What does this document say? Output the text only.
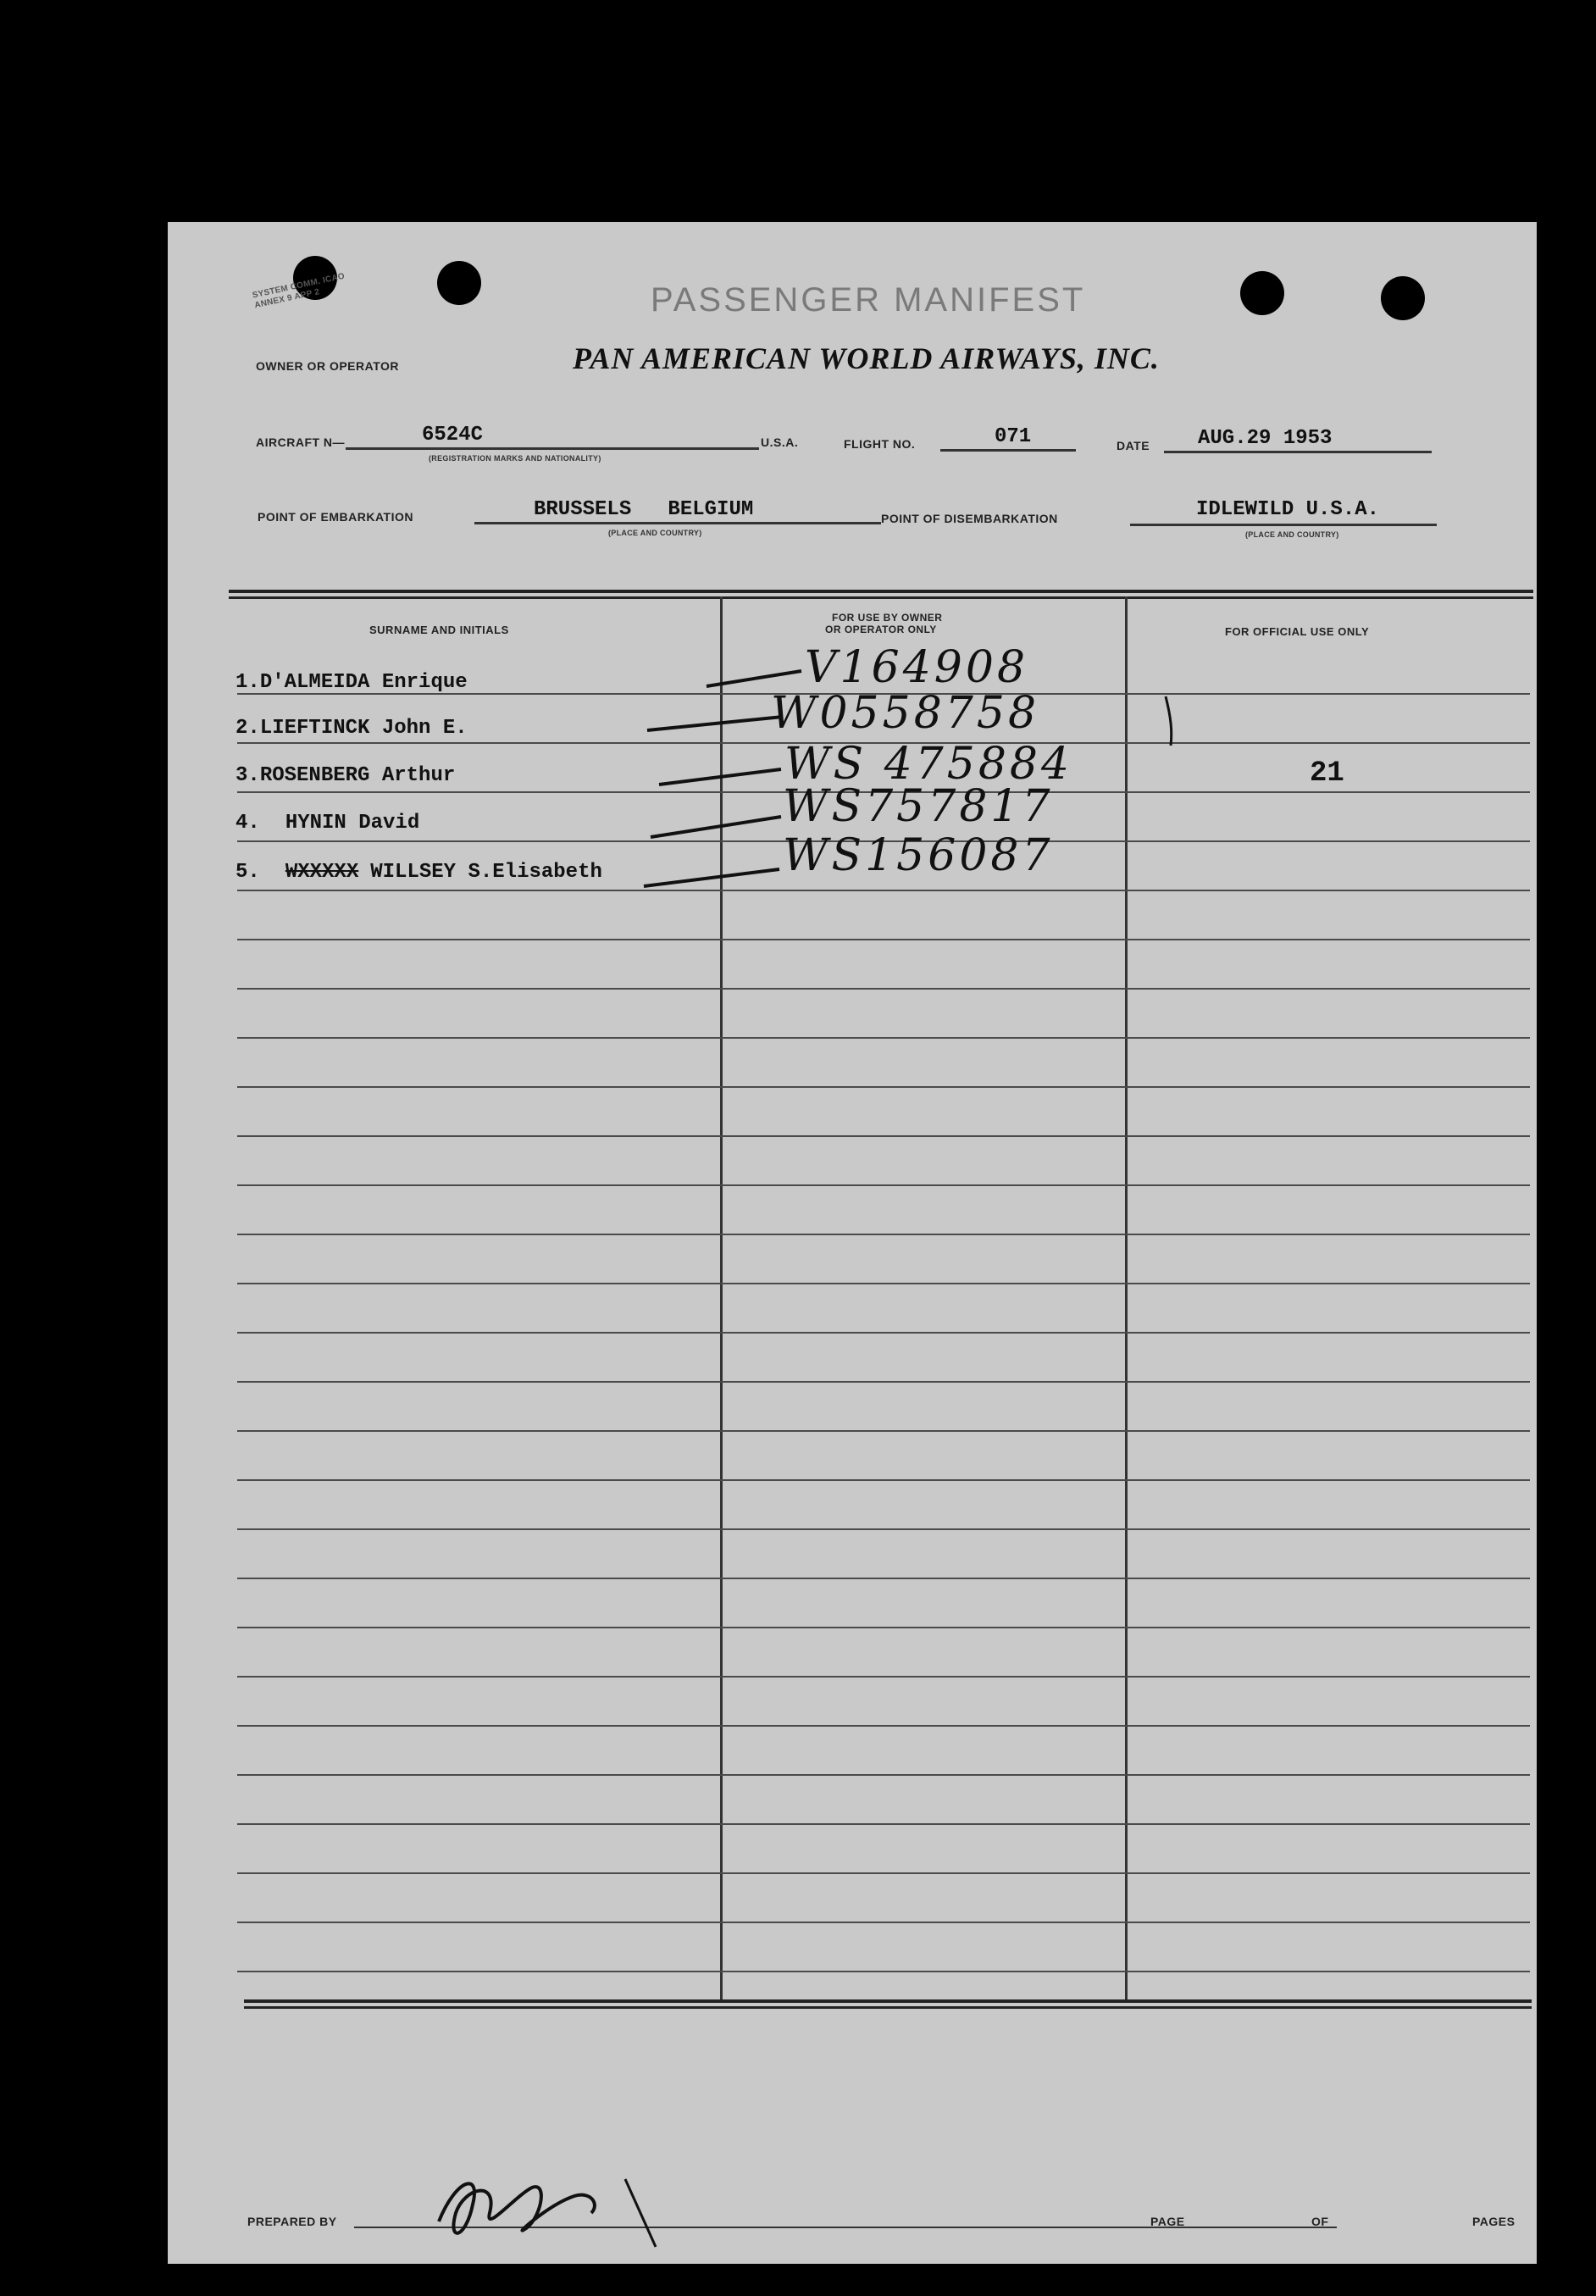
SYSTEM COMM. ICAO ANNEX 9 APP 2	PASSENGER MANIFEST
OWNER OR OPERATOR	PAN AMERICAN WORLD AIRWAYS, INC.
AIRCRAFT N—	6524C
(REGISTRATION MARKS AND NATIONALITY)
U.S.A.	FLIGHT NO.	071	DATE AUG.29 1953
POINT OF EMBARKATION	BRUSSELS   BELGIUM
(PLACE AND COUNTRY)
POINT OF DISEMBARKATION	IDLEWILD U.S.A.
(PLACE AND COUNTRY)
SURNAME AND INITIALS
FOR USE BY OWNER
OR OPERATOR ONLY	FOR OFFICIAL USE ONLY
1.D'ALMEIDA Enrique	V164908
2.LIEFTINCK John E.	W0558758
3.ROSENBERG Arthur	WS 475884	21
4. HYNIN David	WS757817
5. WXXXXX WILLSEY S.Elisabeth	WS156087
PREPARED BY	PAGE	OF	PAGES
